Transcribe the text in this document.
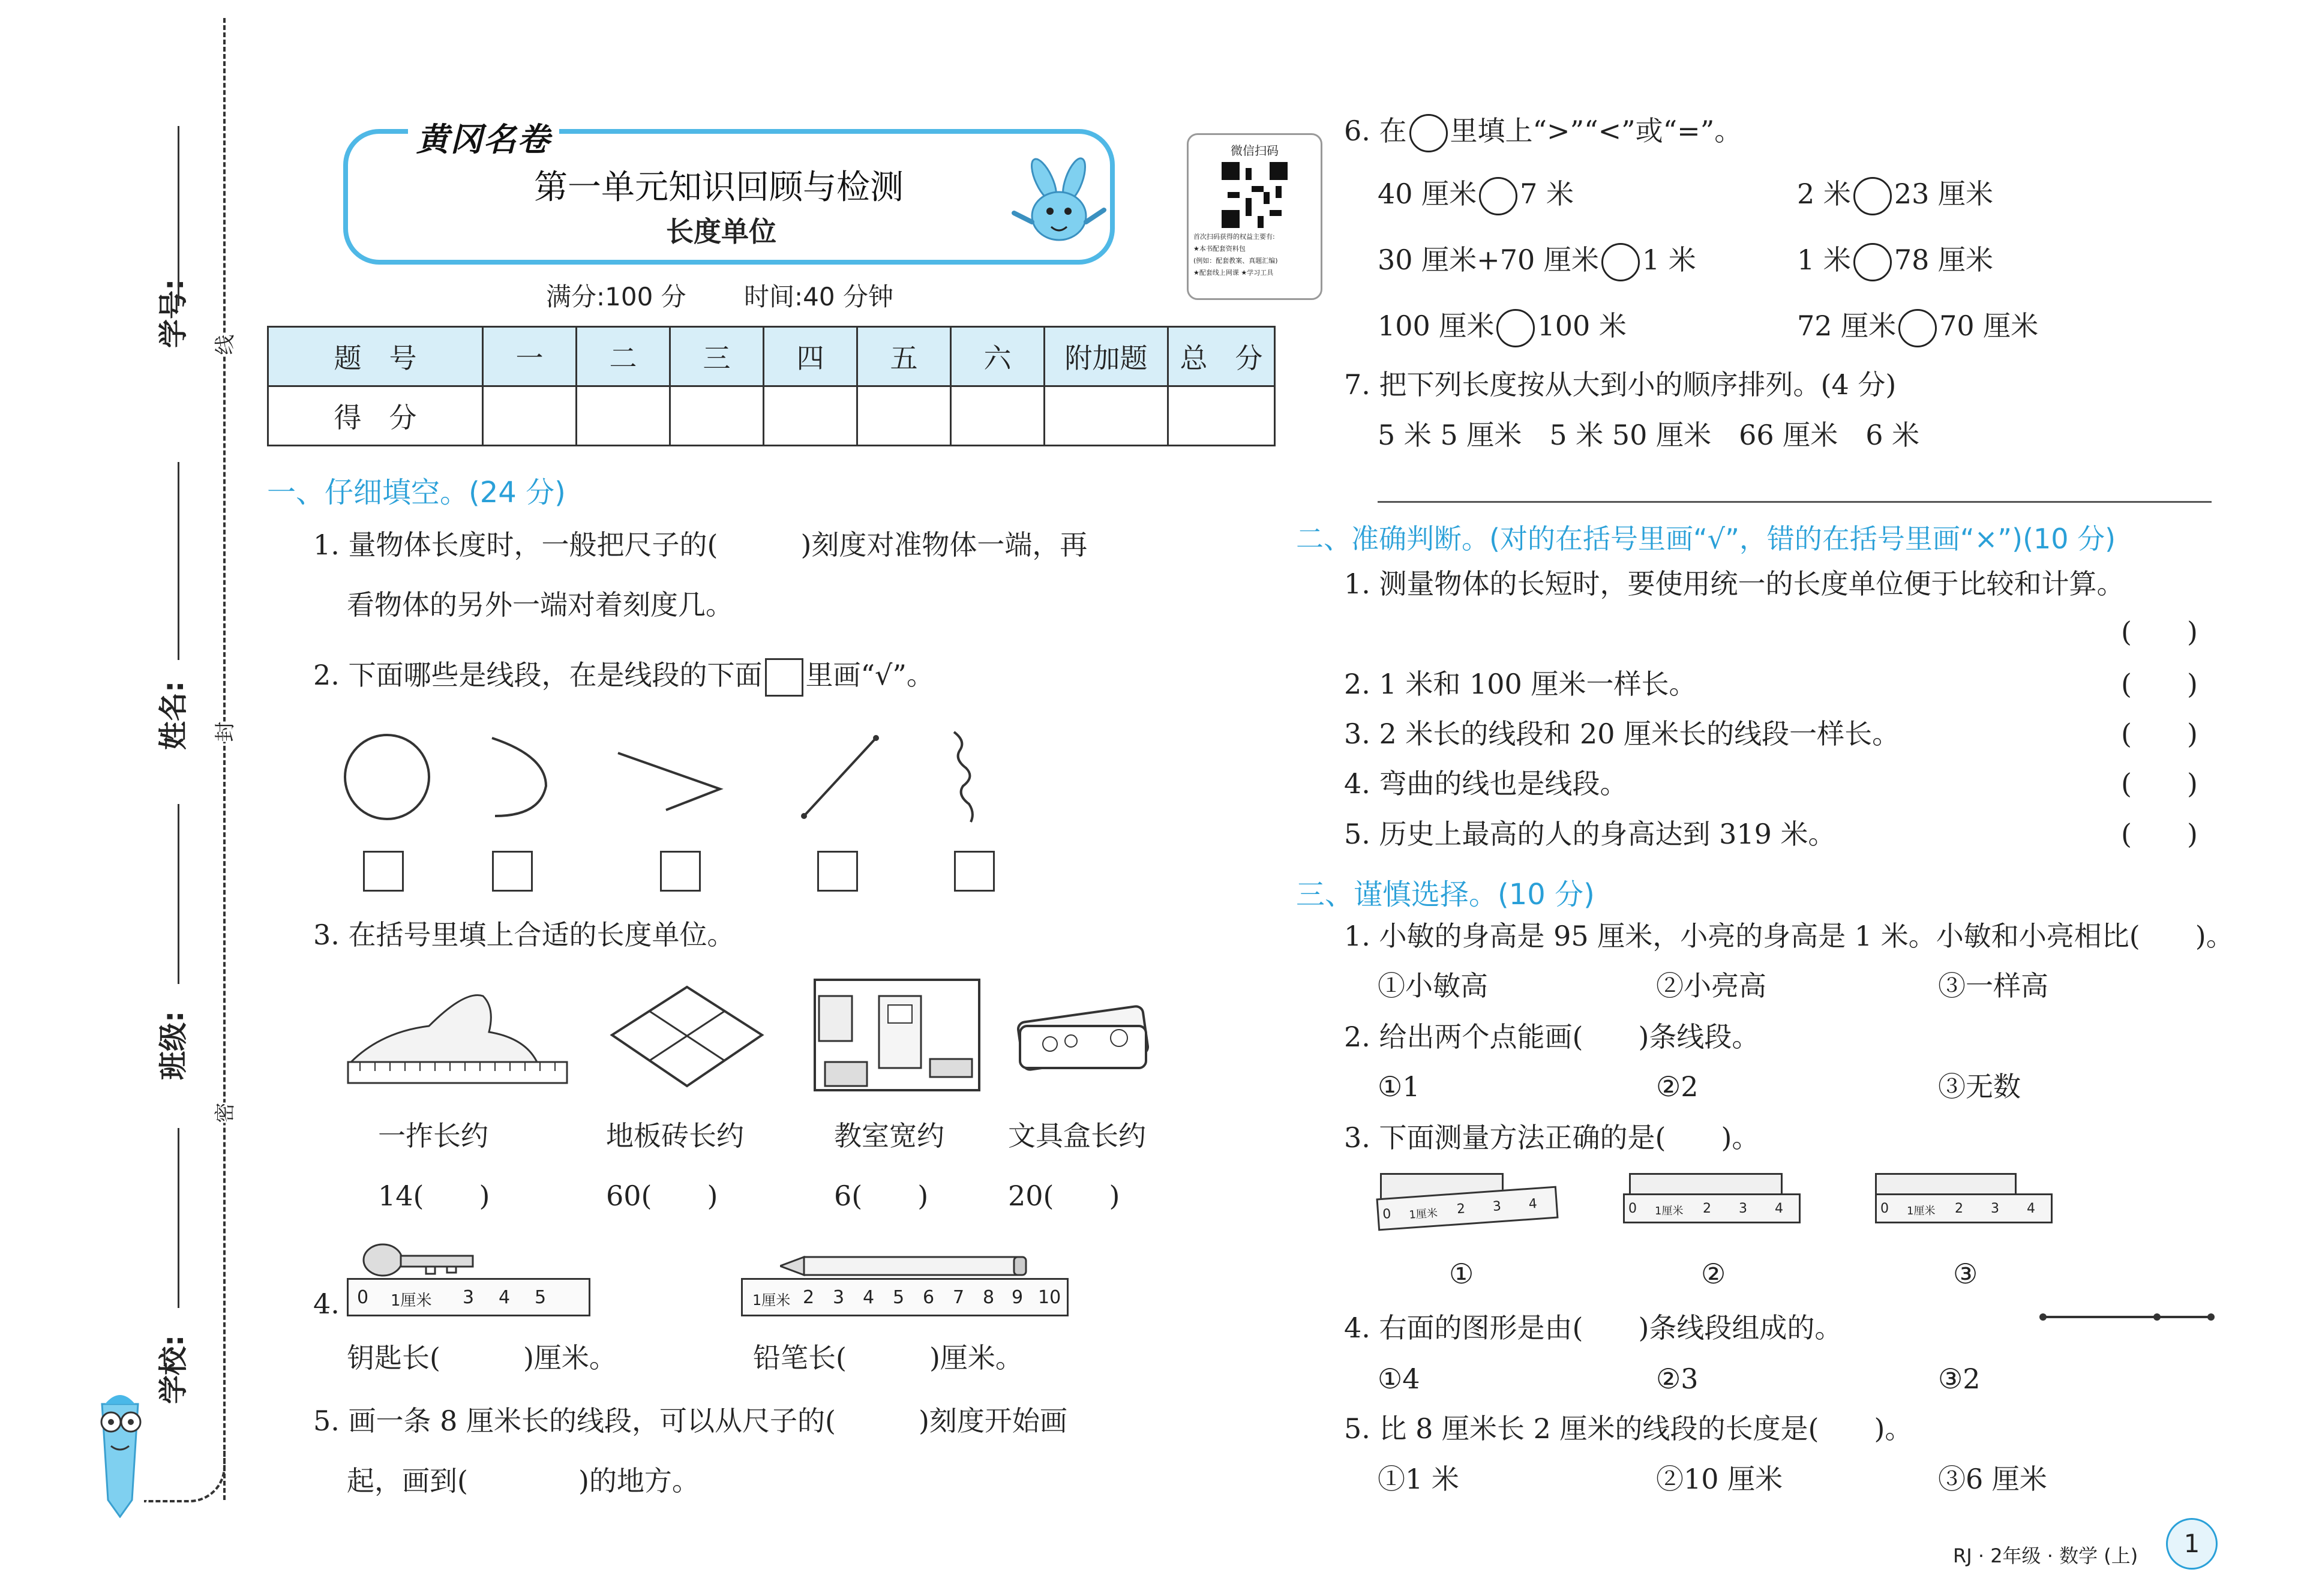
学号:
姓名:
班级:
学校:
线
封
密
黄冈名卷
第一单元知识回顾与检测
长度单位
满分:100 分 时间:40 分钟
微信扫码
首次扫码获得的权益主要有:
★本书配套资料包
(例如：配套教案、真题汇编)
★配套线上网课 ★学习工具
题　号	一	二	三	四	五	六	附加题	总　分
得　分								
一、仔细填空。(24 分)
1. 量物体长度时，一般把尺子的(　　　)刻度对准物体一端，再
看物体的另外一端对着刻度几。
2. 下面哪些是线段，在是线段的下面 里画“√”。
3. 在括号里填上合适的长度单位。
一拃长约	地板砖长约	教室宽约 文具盒长约
14(　　)	60(　　)	6(　　)	20(　　)
4. 0 1厘米 3 4 5
钥匙长(　　　)厘米。
1厘米 2 3 4 5 6 7 8 9 10
铅笔长(　　　)厘米。
5. 画一条 8 厘米长的线段，可以从尺子的(　　　)刻度开始画
起，画到(　　　　)的地方。
6. 在 里填上“>”“<”或“=”。
40 厘米 7 米	2 米 23 厘米
30 厘米+70 厘米 1 米	1 米 78 厘米
100 厘米 100 米	72 厘米 70 厘米
7. 把下列长度按从大到小的顺序排列。(4 分)
5 米 5 厘米　5 米 50 厘米　66 厘米　6 米
二、准确判断。(对的在括号里画“√”，错的在括号里画“×”)(10 分)
1. 测量物体的长短时，要使用统一的长度单位便于比较和计算。
(　　)
2. 1 米和 100 厘米一样长。	(　　)
3. 2 米长的线段和 20 厘米长的线段一样长。	(　　)
4. 弯曲的线也是线段。	(　　)
5. 历史上最高的人的身高达到 319 米。	(　　)
三、谨慎选择。(10 分)
1. 小敏的身高是 95 厘米，小亮的身高是 1 米。小敏和小亮相比(　　)。
①小敏高	②小亮高	③一样高
2. 给出两个点能画(　　)条线段。
①1	②2	③无数
3. 下面测量方法正确的是(　　)。
0 1厘米 2 3 4	0 1厘米 2 3 4	0 1厘米 2 3 4
①	②	③
4. 右面的图形是由(　　)条线段组成的。
①4	②3	③2
5. 比 8 厘米长 2 厘米的线段的长度是(　　)。
①1 米	②10 厘米	③6 厘米
RJ · 2年级 · 数学 (上)	1
